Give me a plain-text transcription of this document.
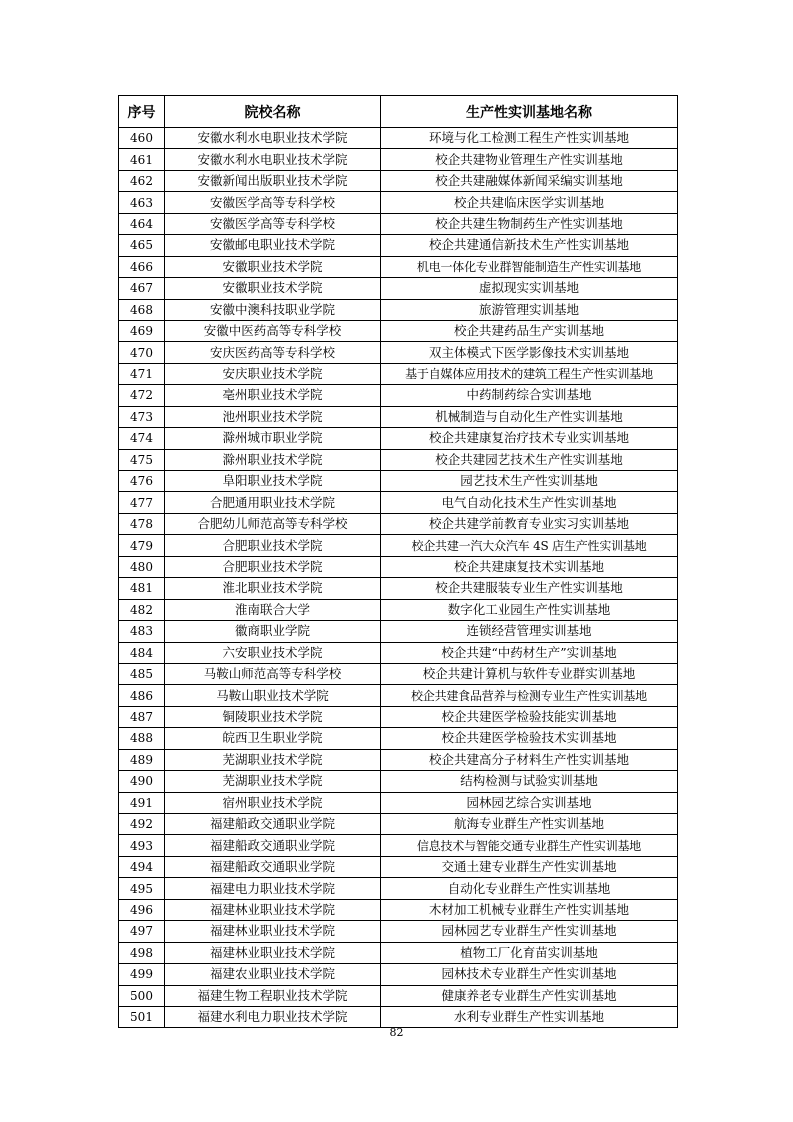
序号	院校名称	生产性实训基地名称
460	安徽水利水电职业技术学院	环境与化工检测工程生产性实训基地
461	安徽水利水电职业技术学院	校企共建物业管理生产性实训基地
462	安徽新闻出版职业技术学院	校企共建融媒体新闻采编实训基地
463	安徽医学高等专科学校	校企共建临床医学实训基地
464	安徽医学高等专科学校	校企共建生物制药生产性实训基地
465	安徽邮电职业技术学院	校企共建通信新技术生产性实训基地
466	安徽职业技术学院	机电一体化专业群智能制造生产性实训基地
467	安徽职业技术学院	虚拟现实实训基地
468	安徽中澳科技职业学院	旅游管理实训基地
469	安徽中医药高等专科学校	校企共建药品生产实训基地
470	安庆医药高等专科学校	双主体模式下医学影像技术实训基地
471	安庆职业技术学院	基于自媒体应用技术的建筑工程生产性实训基地
472	亳州职业技术学院	中药制药综合实训基地
473	池州职业技术学院	机械制造与自动化生产性实训基地
474	滁州城市职业学院	校企共建康复治疗技术专业实训基地
475	滁州职业技术学院	校企共建园艺技术生产性实训基地
476	阜阳职业技术学院	园艺技术生产性实训基地
477	合肥通用职业技术学院	电气自动化技术生产性实训基地
478	合肥幼儿师范高等专科学校	校企共建学前教育专业实习实训基地
479	合肥职业技术学院	校企共建一汽大众汽车 4S 店生产性实训基地
480	合肥职业技术学院	校企共建康复技术实训基地
481	淮北职业技术学院	校企共建服装专业生产性实训基地
482	淮南联合大学	数字化工业园生产性实训基地
483	徽商职业学院	连锁经营管理实训基地
484	六安职业技术学院	校企共建“中药材生产”实训基地
485	马鞍山师范高等专科学校	校企共建计算机与软件专业群实训基地
486	马鞍山职业技术学院	校企共建食品营养与检测专业生产性实训基地
487	铜陵职业技术学院	校企共建医学检验技能实训基地
488	皖西卫生职业学院	校企共建医学检验技术实训基地
489	芜湖职业技术学院	校企共建高分子材料生产性实训基地
490	芜湖职业技术学院	结构检测与试验实训基地
491	宿州职业技术学院	园林园艺综合实训基地
492	福建船政交通职业学院	航海专业群生产性实训基地
493	福建船政交通职业学院	信息技术与智能交通专业群生产性实训基地
494	福建船政交通职业学院	交通土建专业群生产性实训基地
495	福建电力职业技术学院	自动化专业群生产性实训基地
496	福建林业职业技术学院	木材加工机械专业群生产性实训基地
497	福建林业职业技术学院	园林园艺专业群生产性实训基地
498	福建林业职业技术学院	植物工厂化育苗实训基地
499	福建农业职业技术学院	园林技术专业群生产性实训基地
500	福建生物工程职业技术学院	健康养老专业群生产性实训基地
501	福建水利电力职业技术学院	水利专业群生产性实训基地
82
